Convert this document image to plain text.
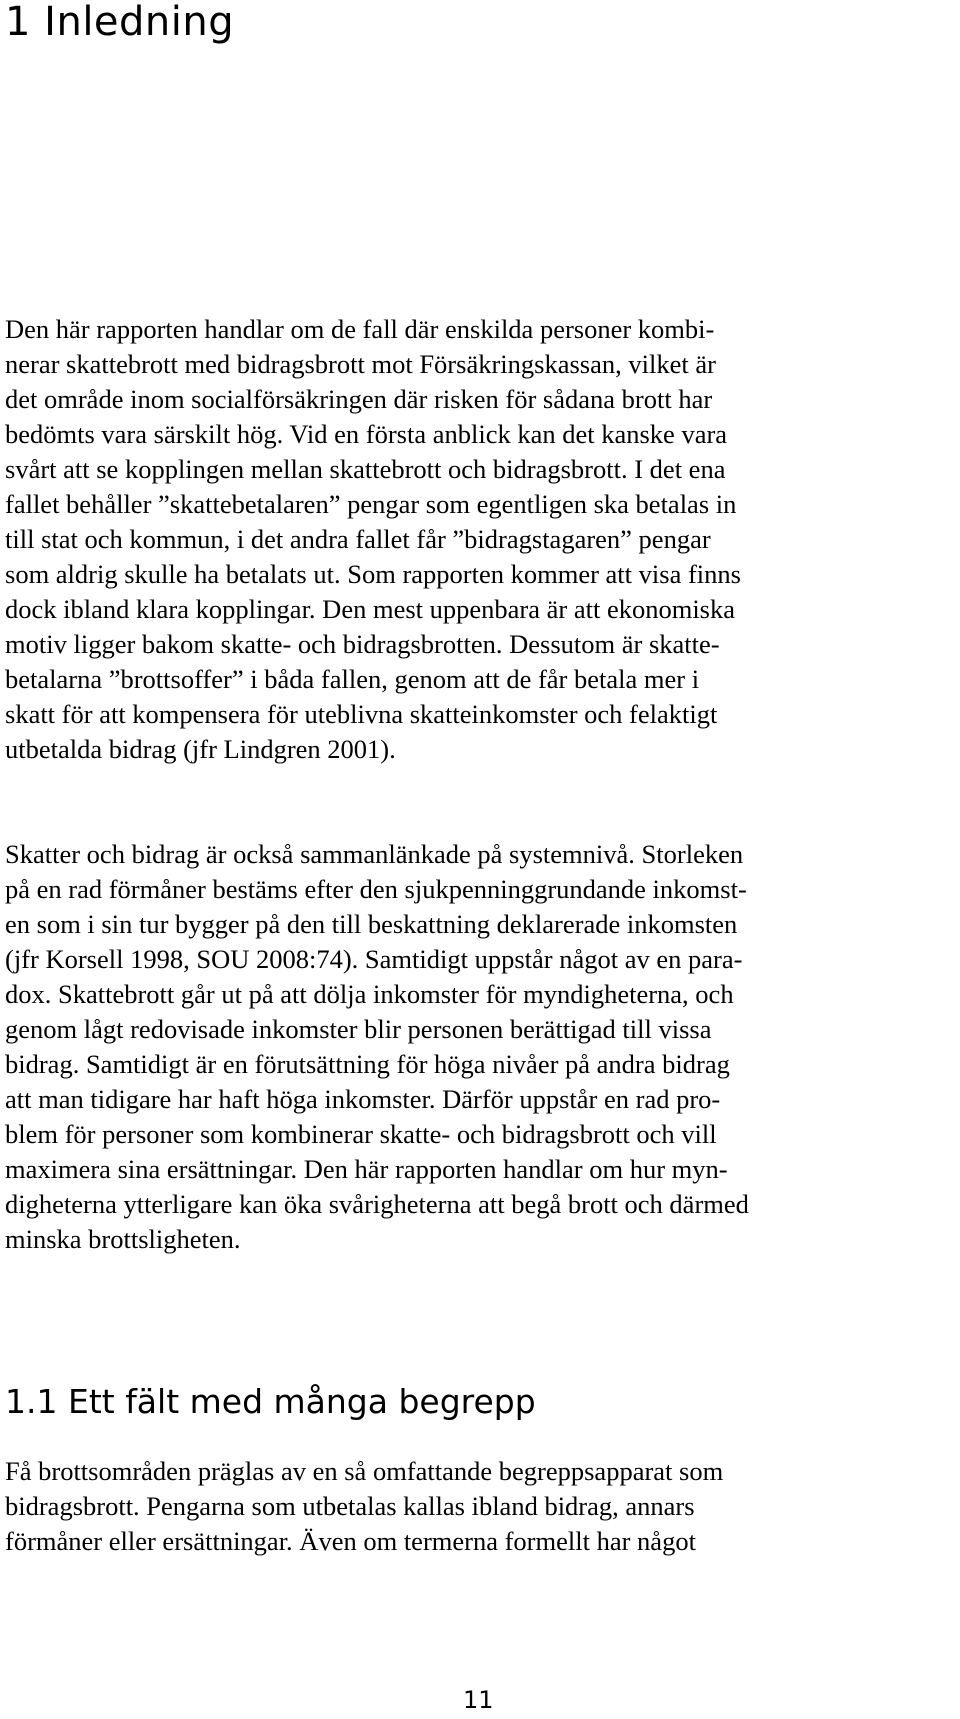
1 Inledning
Den här rapporten handlar om de fall där enskilda personer kombi-
nerar skattebrott med bidragsbrott mot Försäkringskassan, vilket är
det område inom socialförsäkringen där risken för sådana brott har
bedömts vara särskilt hög. Vid en första anblick kan det kanske vara
svårt att se kopplingen mellan skattebrott och bidragsbrott. I det ena
fallet behåller ”skattebetalaren” pengar som egentligen ska betalas in
till stat och kommun, i det andra fallet får ”bidragstagaren” pengar
som aldrig skulle ha betalats ut. Som rapporten kommer att visa finns
dock ibland klara kopplingar. Den mest uppenbara är att ekonomiska
motiv ligger bakom skatte- och bidragsbrotten. Dessutom är skatte-
betalarna ”brottsoffer” i båda fallen, genom att de får betala mer i
skatt för att kompensera för uteblivna skatteinkomster och felaktigt
utbetalda bidrag (jfr Lindgren 2001).
Skatter och bidrag är också sammanlänkade på systemnivå. Storleken
på en rad förmåner bestäms efter den sjukpenninggrundande inkomst-
en som i sin tur bygger på den till beskattning deklarerade inkomsten
(jfr Korsell 1998, SOU 2008:74). Samtidigt uppstår något av en para-
dox. Skattebrott går ut på att dölja inkomster för myndigheterna, och
genom lågt redovisade inkomster blir personen berättigad till vissa
bidrag. Samtidigt är en förutsättning för höga nivåer på andra bidrag
att man tidigare har haft höga inkomster. Därför uppstår en rad pro-
blem för personer som kombinerar skatte- och bidragsbrott och vill
maximera sina ersättningar. Den här rapporten handlar om hur myn-
digheterna ytterligare kan öka svårigheterna att begå brott och därmed
minska brottsligheten.
1.1 Ett fält med många begrepp
Få brottsområden präglas av en så omfattande begreppsapparat som
bidragsbrott. Pengarna som utbetalas kallas ibland bidrag, annars
förmåner eller ersättningar. Även om termerna formellt har något
11
